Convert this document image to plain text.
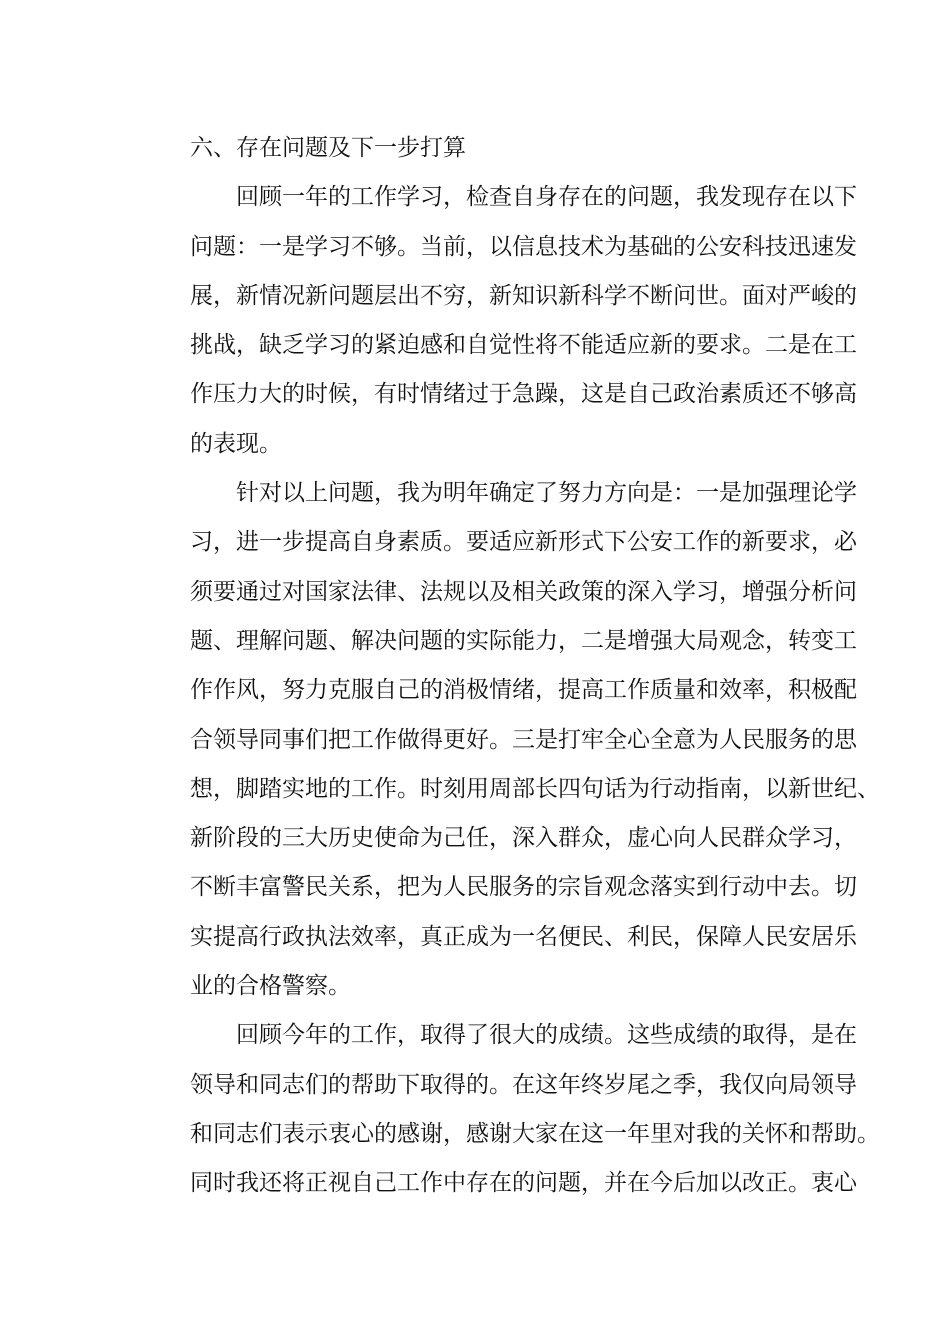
六、存在问题及下一步打算
回顾一年的工作学习，检查自身存在的问题，我发现存在以下
问题：一是学习不够。当前，以信息技术为基础的公安科技迅速发
展，新情况新问题层出不穷，新知识新科学不断问世。面对严峻的
挑战，缺乏学习的紧迫感和自觉性将不能适应新的要求。二是在工
作压力大的时候，有时情绪过于急躁，这是自己政治素质还不够高
的表现。
针对以上问题，我为明年确定了努力方向是：一是加强理论学
习，进一步提高自身素质。要适应新形式下公安工作的新要求，必
须要通过对国家法律、法规以及相关政策的深入学习，增强分析问
题、理解问题、解决问题的实际能力，二是增强大局观念，转变工
作作风，努力克服自己的消极情绪，提高工作质量和效率，积极配
合领导同事们把工作做得更好。三是打牢全心全意为人民服务的思
想，脚踏实地的工作。时刻用周部长四句话为行动指南，以新世纪、
新阶段的三大历史使命为己任，深入群众，虚心向人民群众学习，
不断丰富警民关系，把为人民服务的宗旨观念落实到行动中去。切
实提高行政执法效率，真正成为一名便民、利民，保障人民安居乐
业的合格警察。
回顾今年的工作，取得了很大的成绩。这些成绩的取得，是在
领导和同志们的帮助下取得的。在这年终岁尾之季，我仅向局领导
和同志们表示衷心的感谢，感谢大家在这一年里对我的关怀和帮助。
同时我还将正视自己工作中存在的问题，并在今后加以改正。衷心
